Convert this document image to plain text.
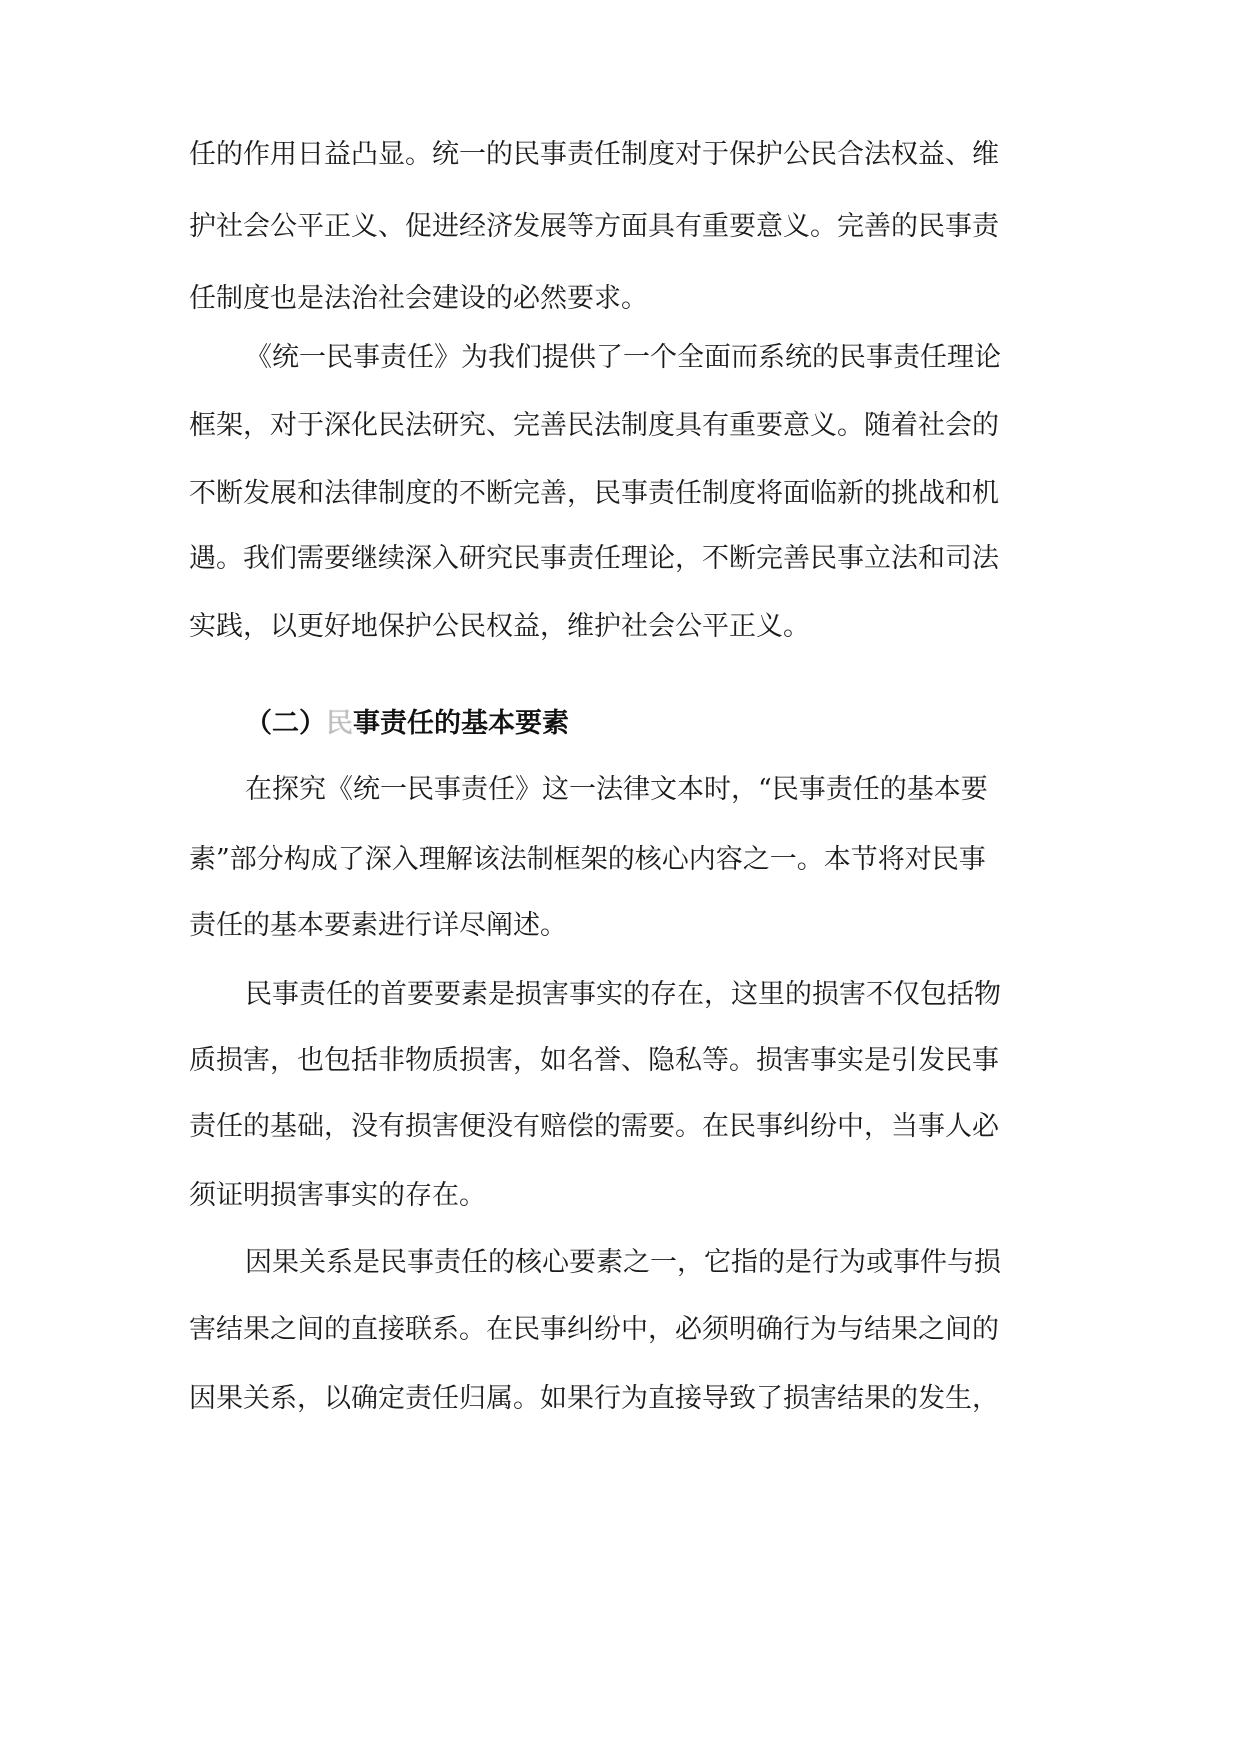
任的作用日益凸显。统一的民事责任制度对于保护公民合法权益、维
护社会公平正义、促进经济发展等方面具有重要意义。完善的民事责
任制度也是法治社会建设的必然要求。
《统一民事责任》为我们提供了一个全面而系统的民事责任理论
框架，对于深化民法研究、完善民法制度具有重要意义。随着社会的
不断发展和法律制度的不断完善，民事责任制度将面临新的挑战和机
遇。我们需要继续深入研究民事责任理论，不断完善民事立法和司法
实践，以更好地保护公民权益，维护社会公平正义。
（二）民事责任的基本要素
在探究《统一民事责任》这一法律文本时，“民事责任的基本要
素”部分构成了深入理解该法制框架的核心内容之一。本节将对民事
责任的基本要素进行详尽阐述。
民事责任的首要要素是损害事实的存在，这里的损害不仅包括物
质损害，也包括非物质损害，如名誉、隐私等。损害事实是引发民事
责任的基础，没有损害便没有赔偿的需要。在民事纠纷中，当事人必
须证明损害事实的存在。
因果关系是民事责任的核心要素之一，它指的是行为或事件与损
害结果之间的直接联系。在民事纠纷中，必须明确行为与结果之间的
因果关系，以确定责任归属。如果行为直接导致了损害结果的发生，
